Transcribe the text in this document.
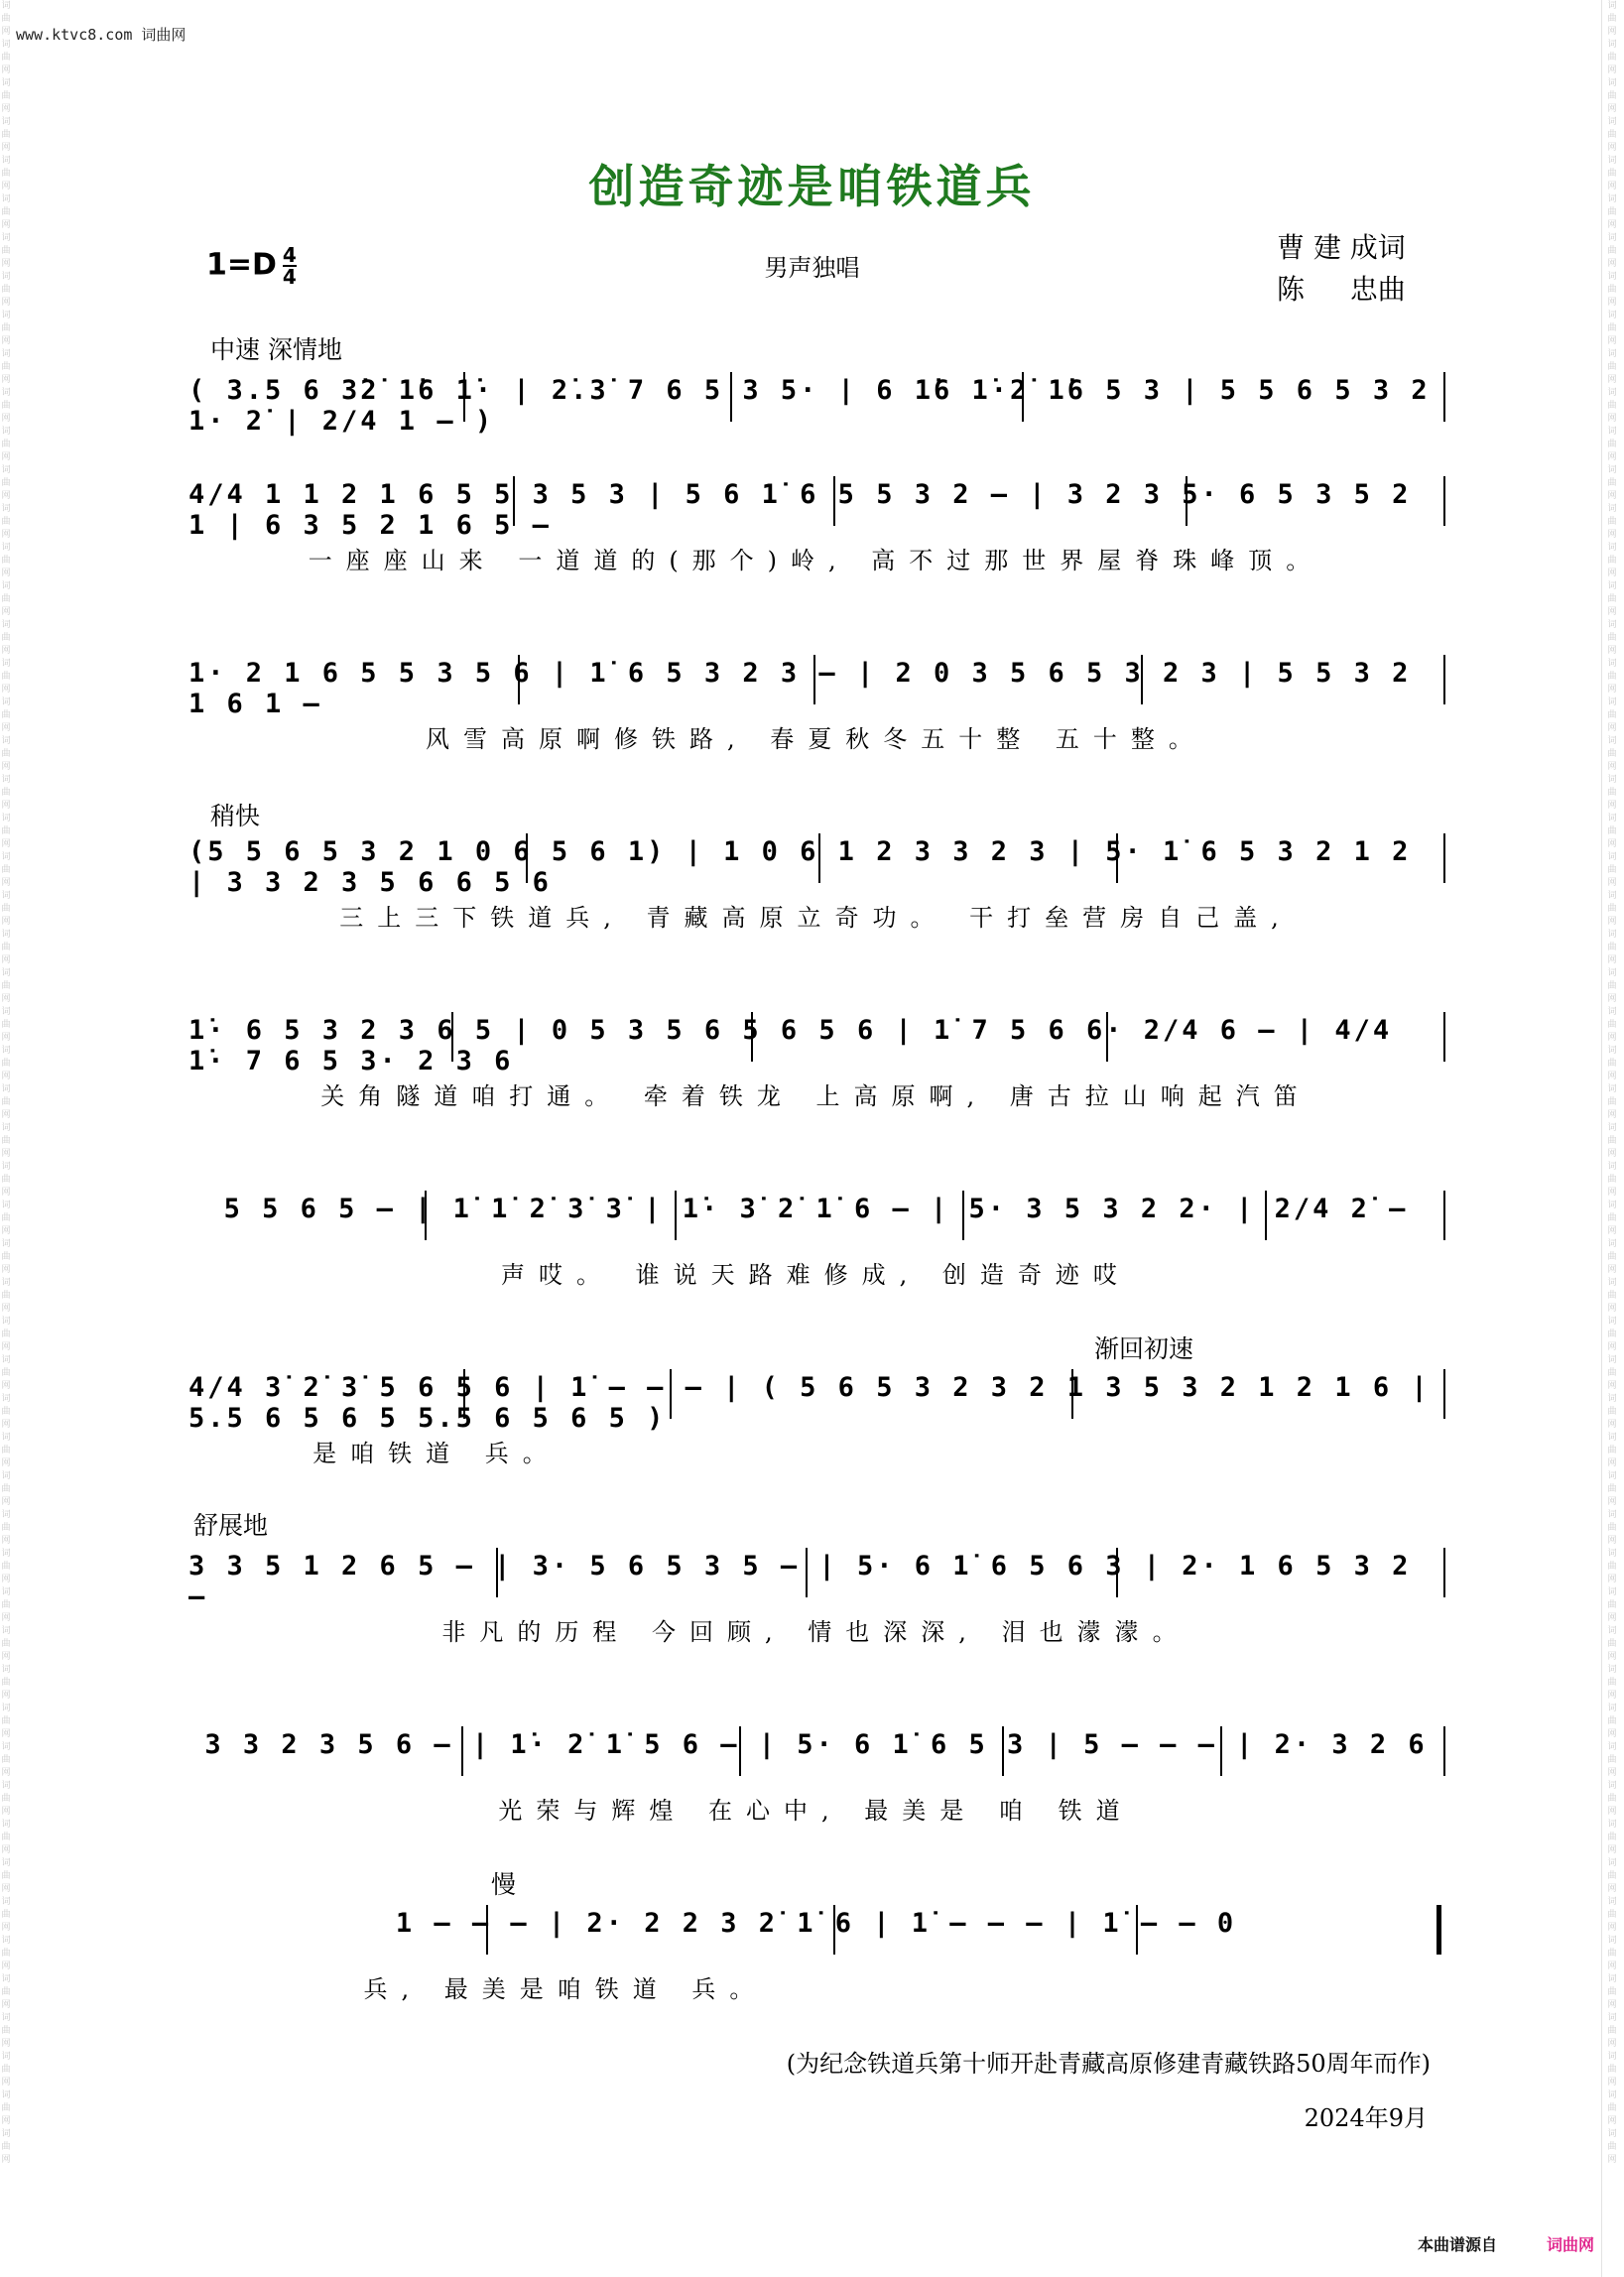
词曲网
词曲网
词曲网
词曲网
词曲网
词曲网
词曲网
词曲网
词曲网
词曲网
词曲网
词曲网
词曲网
词曲网
词曲网
词曲网
词曲网
词曲网
词曲网
词曲网
词曲网
词曲网
词曲网
词曲网
词曲网
词曲网
词曲网
词曲网
词曲网
词曲网
词曲网
词曲网
词曲网
词曲网
词曲网
词曲网
词曲网
词曲网
词曲网
词曲网
词曲网
词曲网
词曲网
词曲网
词曲网
词曲网
词曲网
词曲网
词曲网
词曲网
词曲网
词曲网
词曲网
词曲网
词曲网
词曲网
词曲网
词曲网
词曲网
词曲网
词曲网
词曲网
词曲网
词曲网
词曲网
词曲网
词曲网
词曲网
词曲网
词曲网
词曲网
词曲网
词曲网
词曲网
词曲网
词曲网
词曲网
词曲网
词曲网
词曲网
词曲网
词曲网
词曲网
词曲网
词曲网
词曲网
词曲网
词曲网
词曲网
词曲网
词曲网
词曲网
词曲网
词曲网
词曲网
词曲网
词曲网
词曲网
词曲网
词曲网
词曲网
词曲网
词曲网
词曲网
词曲网
词曲网
词曲网
词曲网
词曲网
词曲网
词曲网
词曲网
www.ktvc8.com 词曲网
创造奇迹是咱铁道兵
$1=D \frac{4}{4}$	男声独唱
曹 建 成词
陈 　 忠曲
中速 深情地
稍快
渐回初速
舒展地
慢
( 3.5 6 3̇2̇ 1̇6 1̇· | 2̇.3̇ 7 6 5 3 5· | 6 1̇6 1̇·2̇ 1̇6 5 3 | 5 5 6 5 3 2 1· 2̇ | 2/4 1 – )
4/4 1 1 2 1 6 5 5 3 5 3 | 5 6 1̇ 6 5 5 3 2 – | 3 2 3 5· 6 5 3 5 2 1 | 6 3 5 2 1 6 5 –
一座座山来 一道道的(那个)岭, 高不过那世界屋脊珠峰顶。
1· 2 1 6 5 5 3 5 6 | 1̇ 6 5 3 2 3 – | 2 0 3 5 6 5 3 2 3 | 5 5 3 2 1 6 1 –
风雪高原啊修铁路, 春夏秋冬五十整 五十整。
(5 5 6 5 3 2 1 0 6 5 6 1) | 1 0 6 1 2 3 3 2 3 | 5· 1̇ 6 5 3 2 1 2 | 3 3 2 3 5 6 6 5 6
三上三下铁道兵, 青藏高原立奇功。 干打垒营房自己盖,
1̇· 6 5 3 2 3 6 5 | 0 5 3 5 6 5 6 5 6 | 1̇ 7 5 6 6· 2/4 6 – | 4/4 1̇· 7 6 5 3· 2 3 6
关角隧道咱打通。 牵着铁龙 上高原啊, 唐古拉山响起汽笛
5 5 6 5 – | 1̇ 1̇ 2̇ 3̇ 3̇ | 1̇· 3̇ 2̇ 1̇ 6 – | 5· 3 5 3 2 2· | 2/4 2̇ –
声哎。 谁说天路难修成, 创造奇迹哎
4/4 3̇ 2̇ 3̇ 5 6 5 6 | 1̇ – – – | ( 5 6 5 3 2 3 2 1 3 5 3 2 1 2 1 6 | 5.5 6 5 6 5 5.5 6 5 6 5 )
是咱铁道 兵。
3 3 5 1 2 6 5 – | 3· 5 6 5 3 5 – | 5· 6 1̇ 6 5 6 3 | 2· 1 6 5 3 2 –
非凡的历程 今回顾, 情也深深, 泪也濛濛。
3 3 2 3 5 6 – | 1̇· 2̇ 1̇ 5 6 – | 5· 6 1̇ 6 5 3 | 5 – – – | 2· 3 2 6
光荣与辉煌 在心中, 最美是 咱 铁道
1 – – – | 2· 2 2 3 2̇ 1̇ 6 | 1̇ – – – | 1̇ – – 0
兵, 最美是咱铁道 兵。
(为纪念铁道兵第十师开赴青藏高原修建青藏铁路50周年而作)
2024年9月
本曲谱源自	词曲网
